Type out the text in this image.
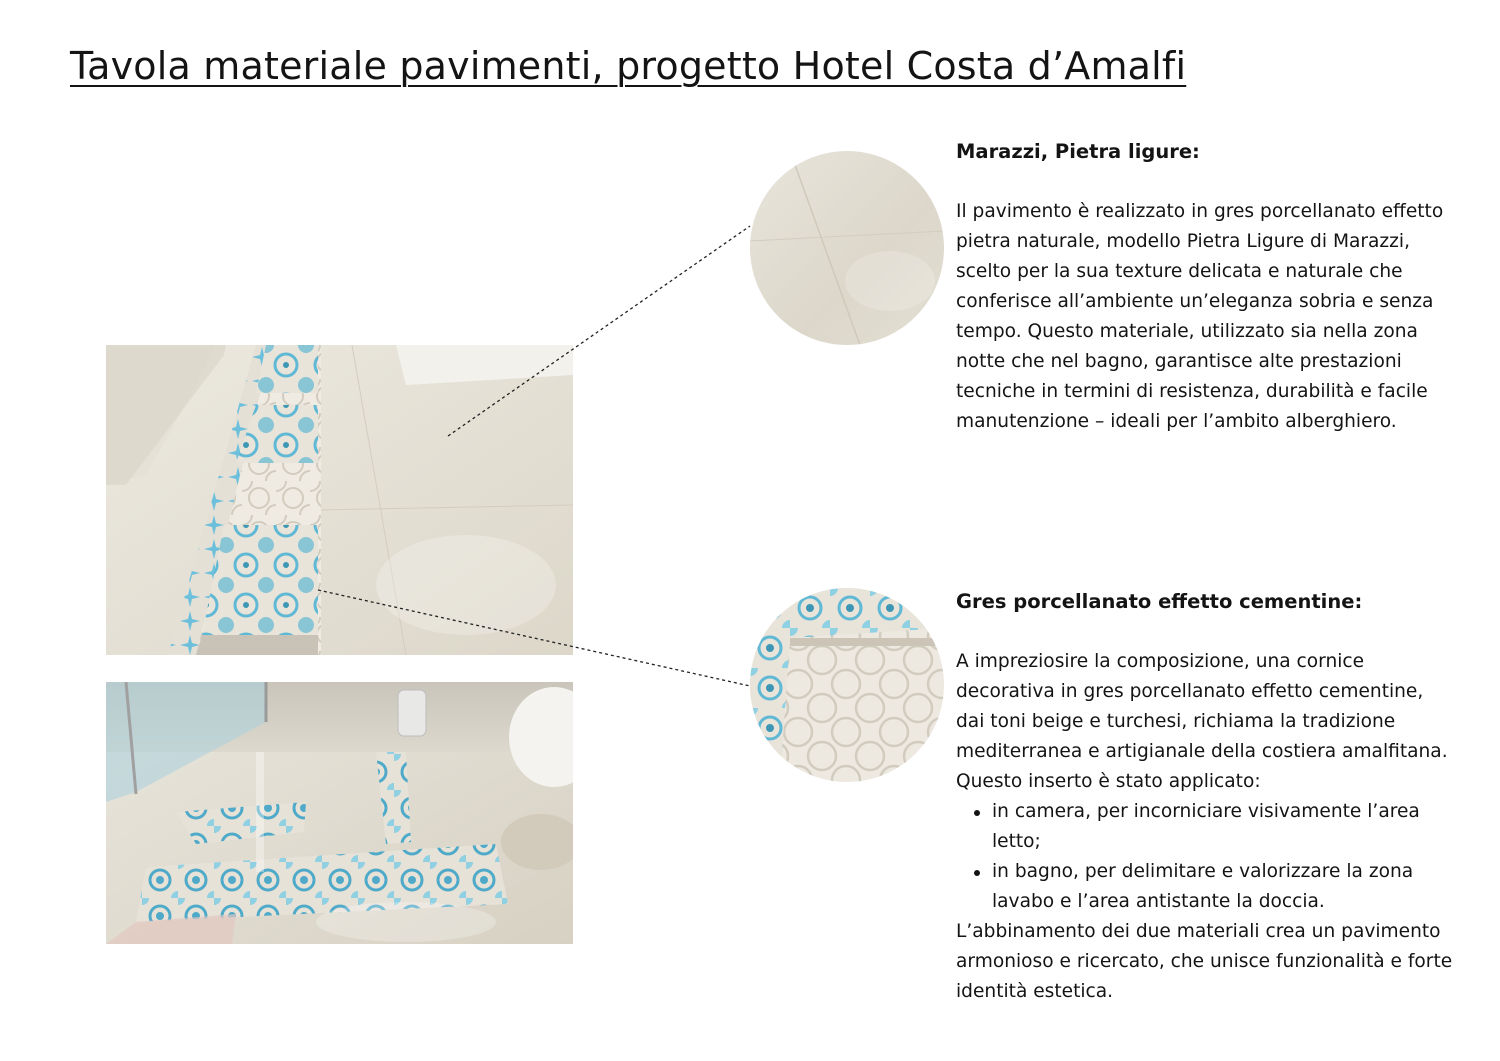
Tavola materiale pavimenti, progetto Hotel Costa d’Amalfi

Marazzi, Pietra ligure:

Il pavimento è realizzato in gres porcellanato effetto pietra naturale, modello Pietra Ligure di Marazzi, scelto per la sua texture delicata e naturale che conferisce all’ambiente un’eleganza sobria e senza tempo. Questo materiale, utilizzato sia nella zona notte che nel bagno, garantisce alte prestazioni tecniche in termini di resistenza, durabilità e facile manutenzione – ideali per l’ambito alberghiero.

Gres porcellanato effetto cementine:

A impreziosire la composizione, una cornice decorativa in gres porcellanato effetto cementine, dai toni beige e turchesi, richiama la tradizione mediterranea e artigianale della costiera amalfitana. Questo inserto è stato applicato:

in camera, per incorniciare visivamente l’area letto;
in bagno, per delimitare e valorizzare la zona lavabo e l’area antistante la doccia.

L’abbinamento dei due materiali crea un pavimento armonioso e ricercato, che unisce funzionalità e forte identità estetica.
